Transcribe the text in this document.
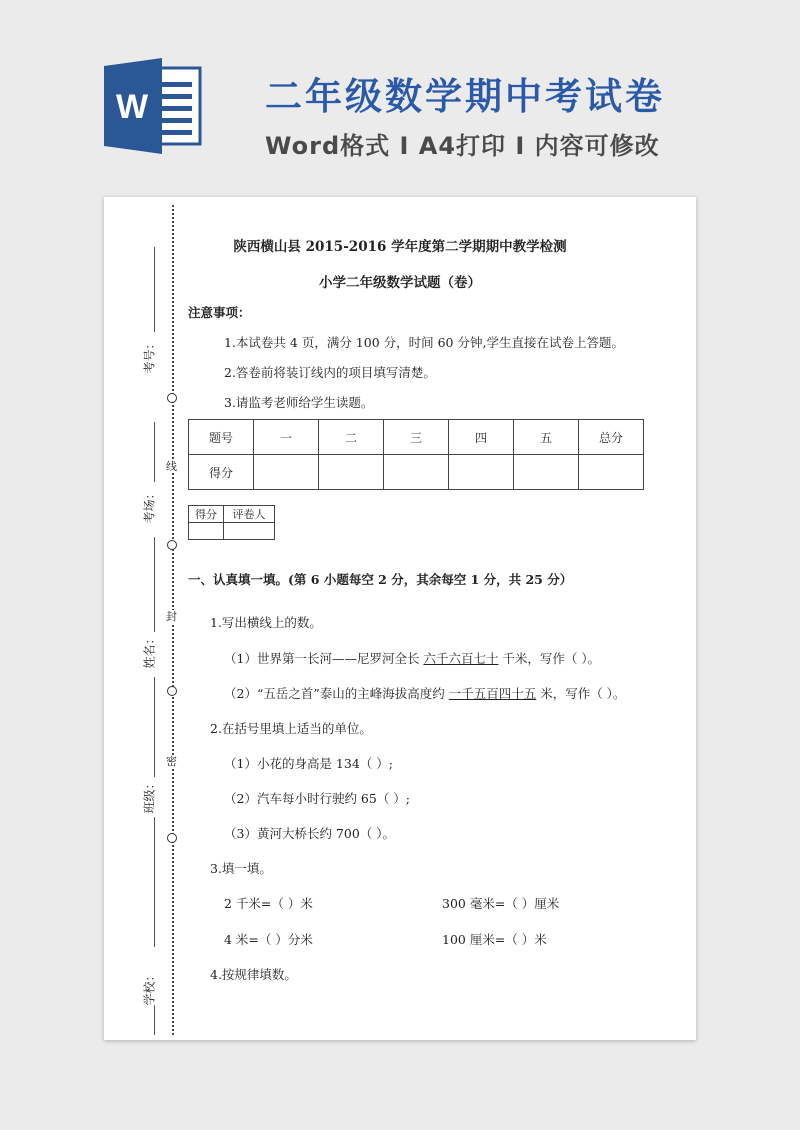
W	二年级数学期中考试卷
Word格式 I A4打印 I 内容可修改
考号：
考场：
姓名：
班级：
学校：
线
封
密
陕西横山县 2015-2016 学年度第二学期期中教学检测
小学二年级数学试题（卷）
注意事项：
1.本试卷共 4 页，满分 100 分，时间 60 分钟,学生直接在试卷上答题。
2.答卷前将装订线内的项目填写清楚。
3.请监考老师给学生读题。
题号	一	二	三	四	五	总分
得分						
得分	评卷人

一、认真填一填。(第 6 小题每空 2 分，其余每空 1 分，共 25 分）
1.写出横线上的数。
（1）世界第一长河——尼罗河全长 六千六百七十 千米，写作（ ）。
（2）“五岳之首”泰山的主峰海拔高度约 一千五百四十五 米，写作（ ）。
2.在括号里填上适当的单位。
（1）小花的身高是 134（ ）;
（2）汽车每小时行驶约 65（ ）;
（3）黄河大桥长约 700（ ）。
3.填一填。
2 千米=（ ）米	300 毫米=（ ）厘米
4 米=（ ）分米	100 厘米=（ ）米
4.按规律填数。
